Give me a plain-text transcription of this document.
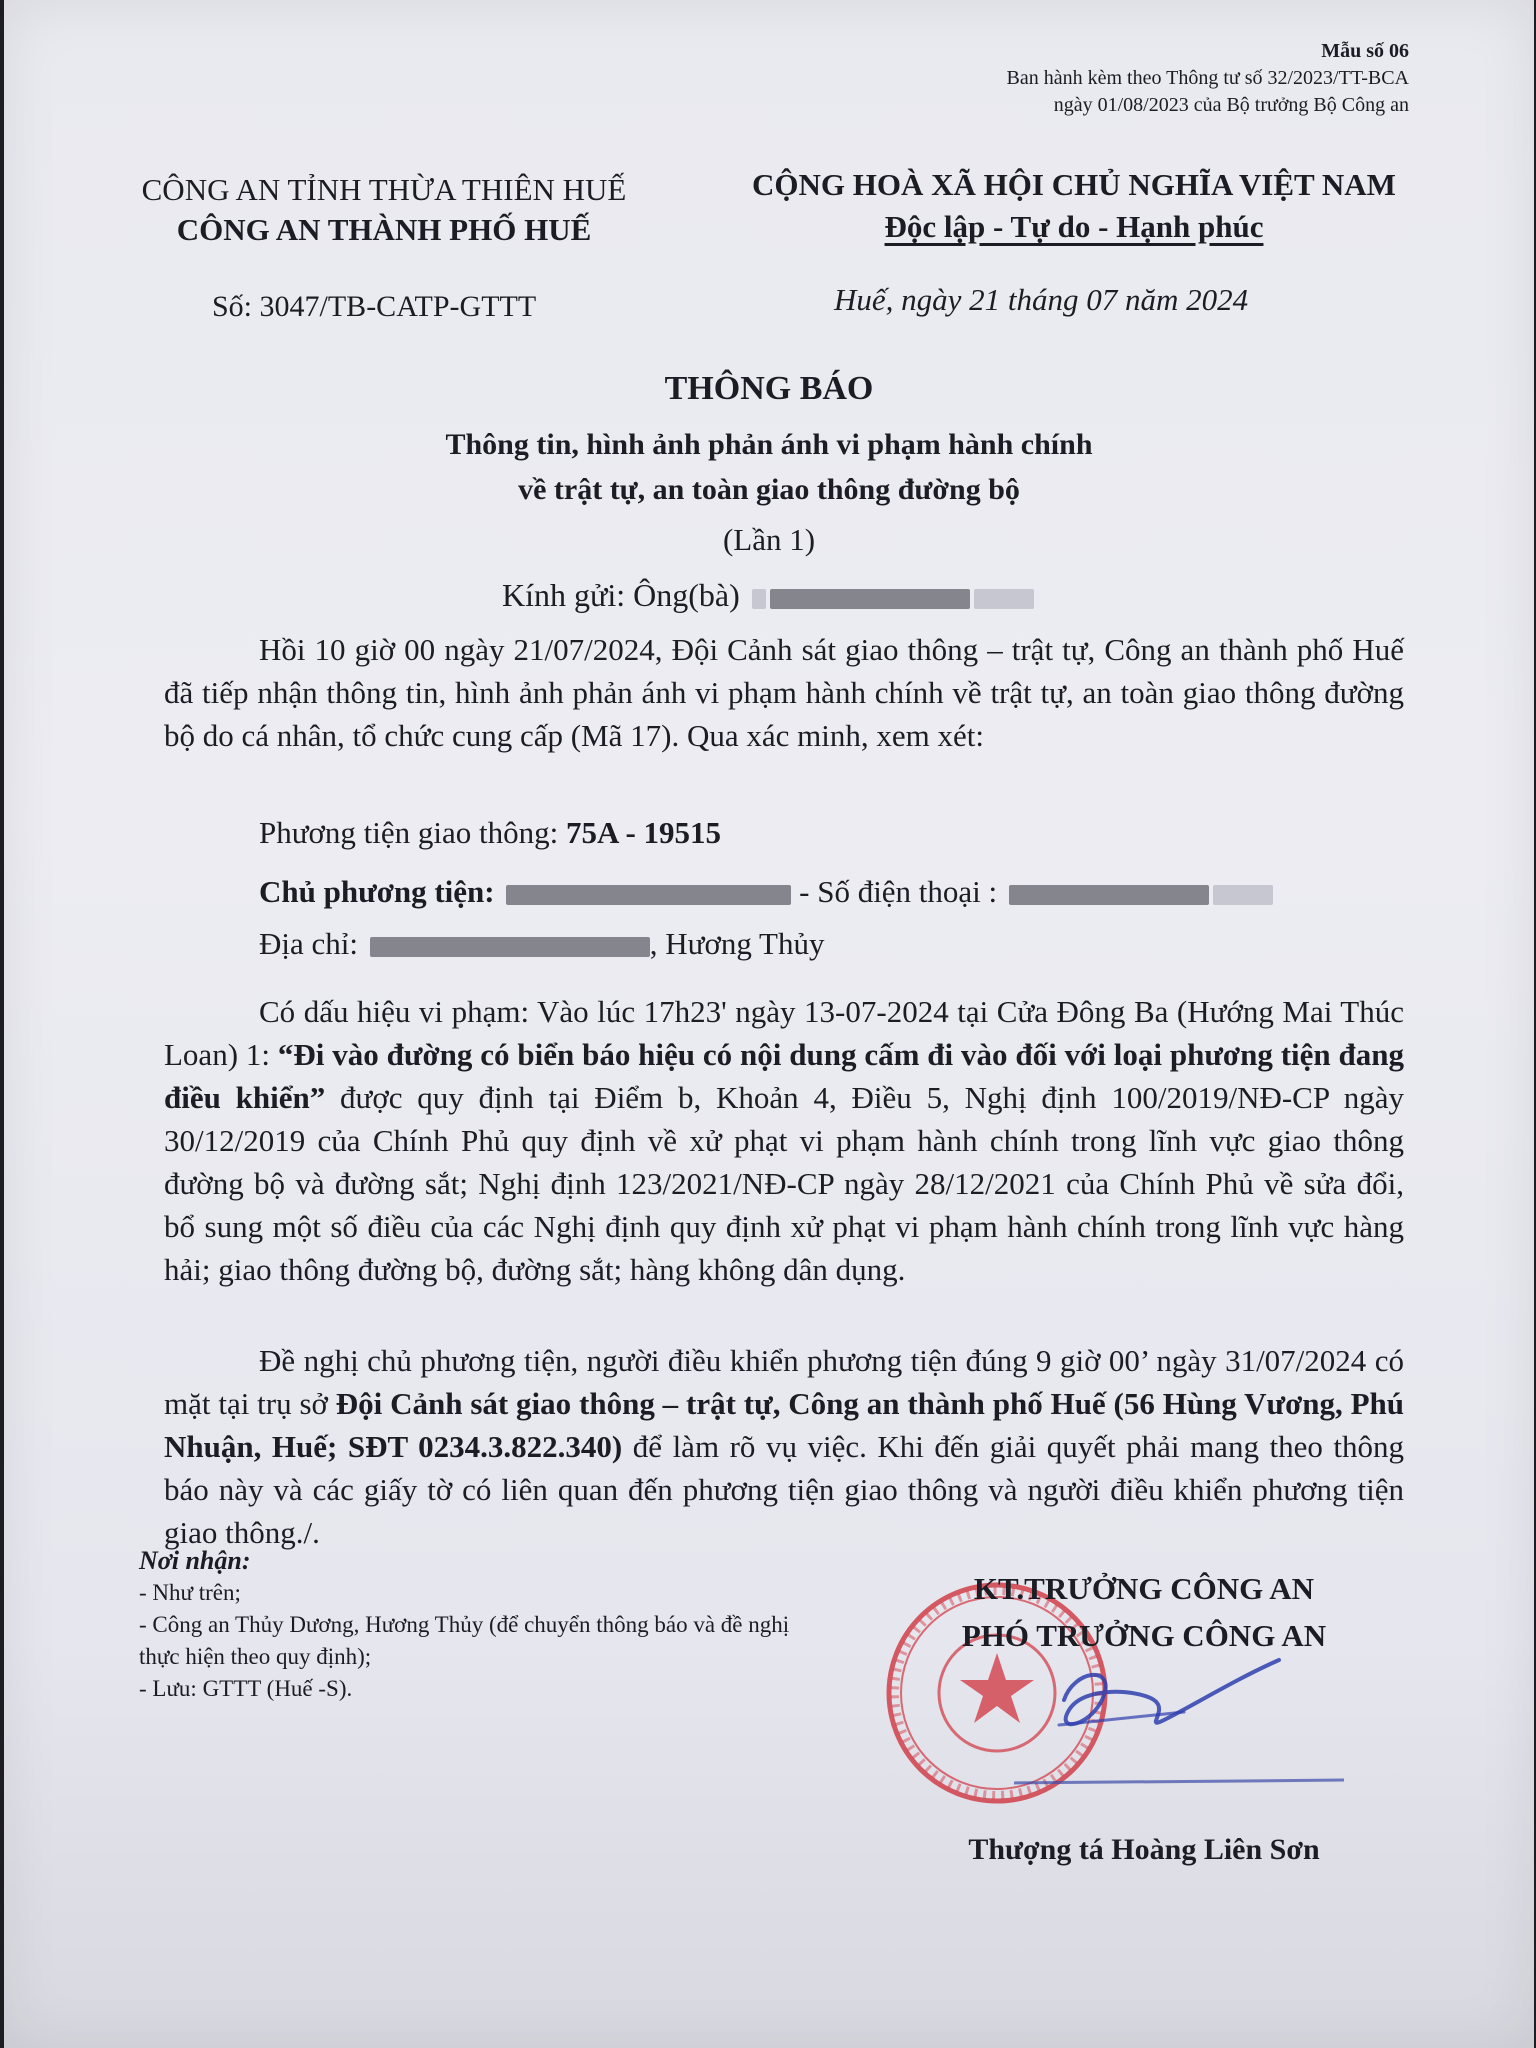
Mẫu số 06
Ban hành kèm theo Thông tư số 32/2023/TT-BCA
ngày 01/08/2023 của Bộ trưởng Bộ Công an
CÔNG AN TỈNH THỪA THIÊN HUẾ
CÔNG AN THÀNH PHỐ HUẾ
CỘNG HOÀ XÃ HỘI CHỦ NGHĨA VIỆT NAM
Độc lập - Tự do - Hạnh phúc
Số: 3047/TB-CATP-GTTT	Huế, ngày 21 tháng 07 năm 2024
THÔNG BÁO
Thông tin, hình ảnh phản ánh vi phạm hành chính
về trật tự, an toàn giao thông đường bộ
(Lần 1)
Kính gửi: Ông(bà)

Hồi 10 giờ 00 ngày 21/07/2024, Đội Cảnh sát giao thông – trật tự, Công an thành phố Huế đã tiếp nhận thông tin, hình ảnh phản ánh vi phạm hành chính về trật tự, an toàn giao thông đường bộ do cá nhân, tổ chức cung cấp (Mã 17). Qua xác minh, xem xét:

Phương tiện giao thông: 75A - 19515
Chủ phương tiện:	- Số điện thoại :
Địa chỉ:	, Hương Thủy

Có dấu hiệu vi phạm: Vào lúc 17h23' ngày 13-07-2024 tại Cửa Đông Ba (Hướng Mai Thúc Loan) 1: “Đi vào đường có biển báo hiệu có nội dung cấm đi vào đối với loại phương tiện đang điều khiển” được quy định tại Điểm b, Khoản 4, Điều 5, Nghị định 100/2019/NĐ-CP ngày 30/12/2019 của Chính Phủ quy định về xử phạt vi phạm hành chính trong lĩnh vực giao thông đường bộ và đường sắt; Nghị định 123/2021/NĐ-CP ngày 28/12/2021 của Chính Phủ về sửa đổi, bổ sung một số điều của các Nghị định quy định xử phạt vi phạm hành chính trong lĩnh vực hàng hải; giao thông đường bộ, đường sắt; hàng không dân dụng.

Đề nghị chủ phương tiện, người điều khiển phương tiện đúng 9 giờ 00’ ngày 31/07/2024 có mặt tại trụ sở Đội Cảnh sát giao thông – trật tự, Công an thành phố Huế (56 Hùng Vương, Phú Nhuận, Huế; SĐT 0234.3.822.340) để làm rõ vụ việc. Khi đến giải quyết phải mang theo thông báo này và các giấy tờ có liên quan đến phương tiện giao thông và người điều khiển phương tiện giao thông./.

Nơi nhận:
- Như trên;
- Công an Thủy Dương, Hương Thủy (để chuyển thông báo và đề nghị thực hiện theo quy định);
- Lưu: GTTT (Huế -S).
KT.TRƯỞNG CÔNG AN
PHÓ TRƯỞNG CÔNG AN
Thượng tá Hoàng Liên Sơn
